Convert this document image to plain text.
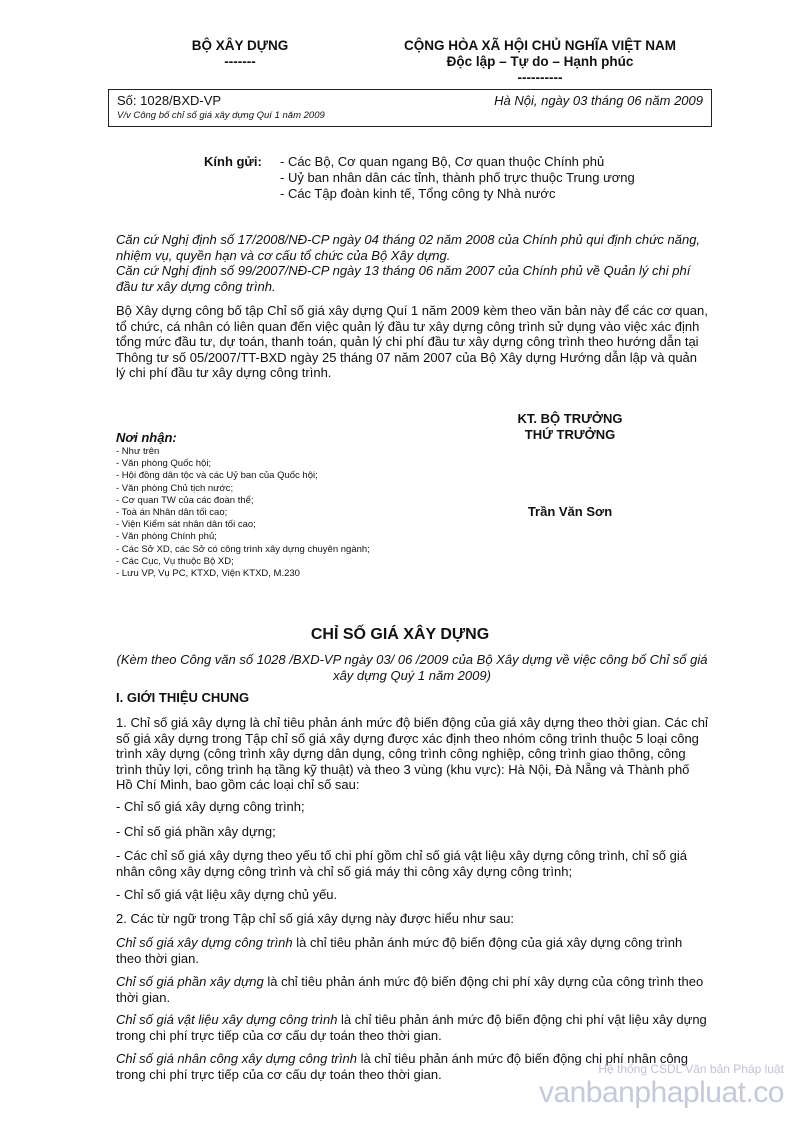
BỘ XÂY DỰNG
-------
CỘNG HÒA XÃ HỘI CHỦ NGHĨA VIỆT NAM
Độc lập – Tự do – Hạnh phúc
----------
Số: 1028/BXD-VP
V/v Công bố chỉ số giá xây dựng Quí 1 năm 2009
Hà Nội, ngày 03 tháng 06 năm 2009
Kính gửi: - Các Bộ, Cơ quan ngang Bộ, Cơ quan thuộc Chính phủ
- Uỷ ban nhân dân các tỉnh, thành phố trực thuộc Trung ương
- Các Tập đoàn kinh tế, Tổng công ty Nhà nước
Căn cứ Nghị định số 17/2008/NĐ-CP ngày 04 tháng 02 năm 2008 của Chính phủ qui định chức năng, nhiệm vụ, quyền hạn và cơ cấu tổ chức của Bộ Xây dựng.
Căn cứ Nghị định số 99/2007/NĐ-CP ngày 13 tháng 06 năm 2007 của Chính phủ về Quản lý chi phí đầu tư xây dựng công trình.
Bộ Xây dựng công bố tập Chỉ số giá xây dựng Quí 1 năm 2009 kèm theo văn bản này để các cơ quan, tổ chức, cá nhân có liên quan đến việc quản lý đầu tư xây dựng công trình sử dụng vào việc xác định tổng mức đầu tư, dự toán, thanh toán, quản lý chi phí đầu tư xây dựng công trình theo hướng dẫn tại Thông tư số 05/2007/TT-BXD ngày 25 tháng 07 năm 2007 của Bộ Xây dựng Hướng dẫn lập và quản lý chi phí đầu tư xây dựng công trình.
KT. BỘ TRƯỞNG
THỨ TRƯỞNG
Trần Văn Sơn
Nơi nhận:
- Như trên
- Văn phòng Quốc hội;
- Hội đồng dân tộc và các Uỷ ban của Quốc hội;
- Văn phòng Chủ tịch nước;
- Cơ quan TW của các đoàn thể;
- Toà án Nhân dân tối cao;
- Viện Kiểm sát nhân dân tối cao;
- Văn phòng Chính phủ;
- Các Sở XD, các Sở có công trình xây dựng chuyên ngành;
- Các Cục, Vụ thuộc Bộ XD;
- Lưu VP, Vụ PC, KTXD, Viện KTXD, M.230
CHỈ SỐ GIÁ XÂY DỰNG
(Kèm theo Công văn số 1028 /BXD-VP ngày 03/ 06 /2009 của Bộ Xây dựng về việc công bố Chỉ số giá xây dựng Quý 1 năm 2009)
I. GIỚI THIỆU CHUNG
1. Chỉ số giá xây dựng là chỉ tiêu phản ánh mức độ biến động của giá xây dựng theo thời gian. Các chỉ số giá xây dựng trong Tập chỉ số giá xây dựng được xác định theo nhóm công trình thuộc 5 loại công trình xây dựng (công trình xây dựng dân dụng, công trình công nghiệp, công trình giao thông, công trình thủy lợi, công trình hạ tầng kỹ thuật) và theo 3 vùng (khu vực): Hà Nội, Đà Nẵng và Thành phố Hồ Chí Minh, bao gồm các loại chỉ số sau:
- Chỉ số giá xây dựng công trình;
- Chỉ số giá phần xây dựng;
- Các chỉ số giá xây dựng theo yếu tố chi phí gồm chỉ số giá vật liệu xây dựng công trình, chỉ số giá nhân công xây dựng công trình và chỉ số giá máy thi công xây dựng công trình;
- Chỉ số giá vật liệu xây dựng chủ yếu.
2. Các từ ngữ trong Tập chỉ số giá xây dựng này được hiểu như sau:
Chỉ số giá xây dựng công trình là chỉ tiêu phản ánh mức độ biến động của giá xây dựng công trình theo thời gian.
Chỉ số giá phần xây dựng là chỉ tiêu phản ánh mức độ biến động chi phí xây dựng của công trình theo thời gian.
Chỉ số giá vật liệu xây dựng công trình là chỉ tiêu phản ánh mức độ biến động chi phí vật liệu xây dựng trong chi phí trực tiếp của cơ cấu dự toán theo thời gian.
Chỉ số giá nhân công xây dựng công trình là chỉ tiêu phản ánh mức độ biến động chi phí nhân công trong chi phí trực tiếp của cơ cấu dự toán theo thời gian.	Hệ thống CSDL Văn bản Pháp luật
vanbanphapluat.co
